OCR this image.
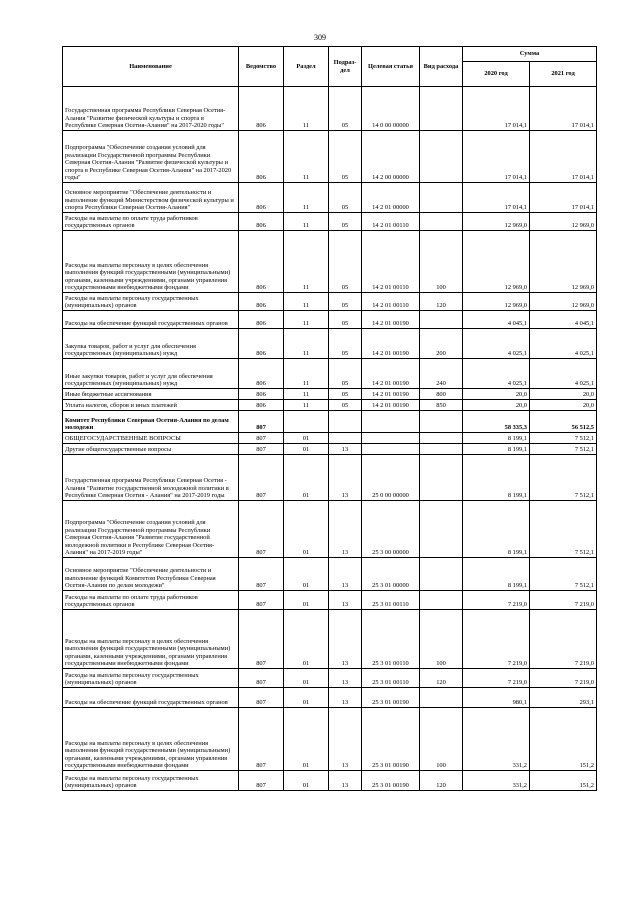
309
Наименование	Ведомство	Раздел	Подраз-дел	Целевая статья	Вид расхода	Сумма	
						2020 год	2021 год
Государственная программа Республики Северная Осетия-Алания "Развитие физической культуры и спорта в Республике Северная Осетия-Алания" на 2017-2020 годы"	806	11	05	14 0 00 00000		17 014,1	17 014,1
Подпрограмма "Обеспечение создания условий для реализации Государственной программы Республики Северная Осетия-Алания "Развитие физической культуры и спорта в Республике Северная Осетия-Алания" на 2017-2020 годы"	806	11	05	14 2 00 00000		17 014,1	17 014,1
Основное мероприятие "Обеспечение деятельности и выполнение функций Министерством физической культуры и спорта Республики Северная Осетия-Алания"	806	11	05	14 2 01 00000		17 014,1	17 014,1
Расходы на выплаты по оплате труда работников государственных органов	806	11	05	14 2 01 00110		12 969,0	12 969,0
Расходы на выплаты персоналу в целях обеспечения выполнения функций государственными (муниципальными) органами, казенными учреждениями, органами управления государственными внебюджетными фондами	806	11	05	14 2 01 00110	100	12 969,0	12 969,0
Расходы на выплаты персоналу государственных (муниципальных) органов	806	11	05	14 2 01 00110	120	12 969,0	12 969,0
Расходы на обеспечение функций государственных органов	806	11	05	14 2 01 00190		4 045,1	4 045,1
Закупка товаров, работ и услуг для обеспечения государственных (муниципальных) нужд	806	11	05	14 2 01 00190	200	4 025,1	4 025,1
Иные закупки товаров, работ и услуг для обеспечения государственных (муниципальных) нужд	806	11	05	14 2 01 00190	240	4 025,1	4 025,1
Иные бюджетные ассигнования	806	11	05	14 2 01 00190	800	20,0	20,0
Уплата налогов, сборов и иных платежей	806	11	05	14 2 01 00190	850	20,0	20,0
Комитет Республики Северная Осетия-Алания по делам молодежи	807					58 335,3	56 512,5
ОБЩЕГОСУДАРСТВЕННЫЕ ВОПРОСЫ	807	01				8 199,1	7 512,1
Другие общегосударственные вопросы	807	01	13			8 199,1	7 512,1
Государственная программа Республики Северная Осетия - Алания "Развитие государственной молодежной политики в Республике Северная Осетия - Алания" на 2017-2019 годы	807	01	13	25 0 00 00000		8 199,1	7 512,1
Подпрограмма "Обеспечение создания условий для реализации Государственной программы Республики Северная Осетия-Алания "Развитие государственной молодежной политики в Республике Северная Осетия-Алания" на 2017-2019 годы"	807	01	13	25 3 00 00000		8 199,1	7 512,1
Основное мероприятие "Обеспечение деятельности и выполнение функций Комитетом Республики Северная Осетия-Алания по делам молодежи"	807	01	13	25 3 01 00000		8 199,1	7 512,1
Расходы на выплаты по оплате труда работников государственных органов	807	01	13	25 3 01 00110		7 219,0	7 219,0
Расходы на выплаты персоналу в целях обеспечения выполнения функций государственными (муниципальными) органами, казенными учреждениями, органами управления государственными внебюджетными фондами	807	01	13	25 3 01 00110	100	7 219,0	7 219,0
Расходы на выплаты персоналу государственных (муниципальных) органов	807	01	13	25 3 01 00110	120	7 219,0	7 219,0
Расходы на обеспечение функций государственных органов	807	01	13	25 3 01 00190		980,1	293,1
Расходы на выплаты персоналу в целях обеспечения выполнения функций государственными (муниципальными) органами, казенными учреждениями, органами управления государственными внебюджетными фондами	807	01	13	25 3 01 00190	100	331,2	151,2
Расходы на выплаты персоналу государственных (муниципальных) органов	807	01	13	25 3 01 00190	120	331,2	151,2
